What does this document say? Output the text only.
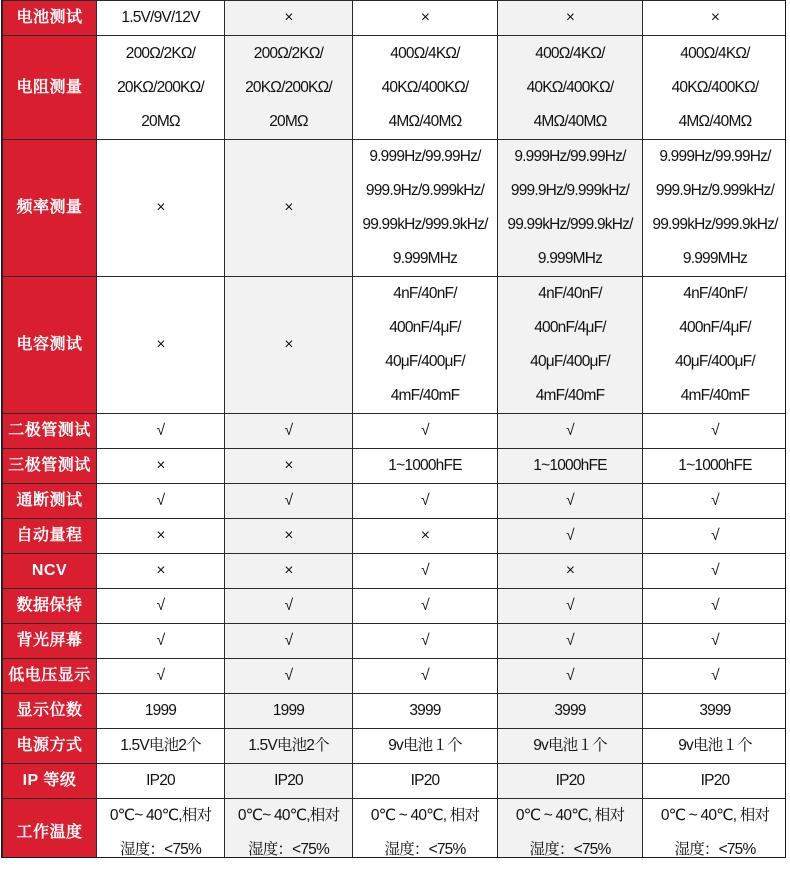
电池测试	1.5V/9V/12V	×	×	×	×

电阻测量	200Ω/2KΩ/
20KΩ/200KΩ/
20MΩ	200Ω/2KΩ/
20KΩ/200KΩ/
20MΩ	400Ω/4KΩ/
40KΩ/400KΩ/
4MΩ/40MΩ	400Ω/4KΩ/
40KΩ/400KΩ/
4MΩ/40MΩ	400Ω/4KΩ/
40KΩ/400KΩ/
4MΩ/40MΩ

频率测量	×	×	9.999Hz/99.99Hz/
999.9Hz/9.999kHz/
99.99kHz/999.9kHz/
9.999MHz	9.999Hz/99.99Hz/
999.9Hz/9.999kHz/
99.99kHz/999.9kHz/
9.999MHz	9.999Hz/99.99Hz/
999.9Hz/9.999kHz/
99.99kHz/999.9kHz/
9.999MHz

电容测试	×	×	4nF/40nF/
400nF/4μF/
40μF/400μF/
4mF/40mF	4nF/40nF/
400nF/4μF/
40μF/400μF/
4mF/40mF	4nF/40nF/
400nF/4μF/
40μF/400μF/
4mF/40mF

二极管测试	√	√	√	√	√

三极管测试	×	×	1~1000hFE	1~1000hFE	1~1000hFE

通断测试	√	√	√	√	√

自动量程	×	×	×	√	√

NCV	×	×	√	×	√

数据保持	√	√	√	√	√

背光屏幕	√	√	√	√	√

低电压显示	√	√	√	√	√

显示位数	1999	1999	3999	3999	3999

电源方式	1.5V电池2个	1.5V电池2个	9v电池１个	9v电池１个	9v电池１个

IP 等级	IP20	IP20	IP20	IP20	IP20

工作温度	0℃~ 40℃,相对
湿度：<75%	0℃~ 40℃,相对
湿度：<75%	0℃ ~ 40℃, 相对
湿度：<75%	0℃ ~ 40℃, 相对
湿度：<75%	0℃ ~ 40℃, 相对
湿度：<75%
